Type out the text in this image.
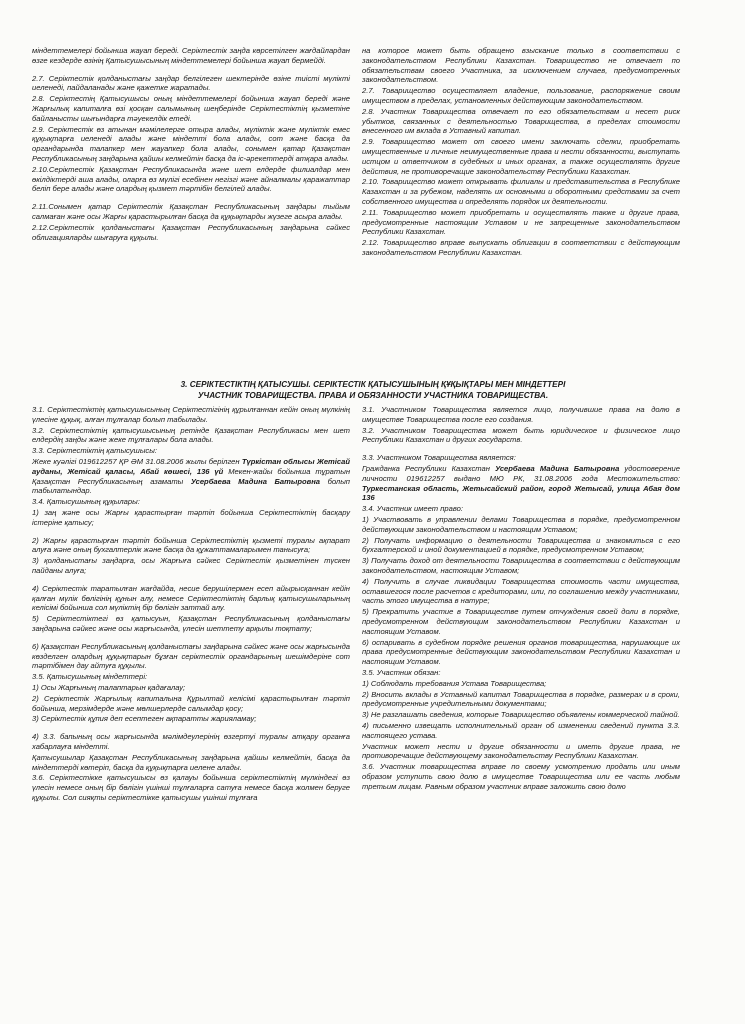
міндеттемелері бойынша жауап береді. Серіктестік заңда көрсетілген жағдайлардан өзге кездерде өзінің Қатысушысының міндеттемелері бойынша жауап бермейді.

2.7. Серіктестік қолданыстағы заңдар белгілеген шектерінде өзіне тиісті мүлікті иеленеді, пайдаланады және қажетке жаратады.

2.8. Серіктестің Қатысушысы оның міндеттемелері бойынша жауап береді және Жарғылық капиталға өзі қосқан салымының шеңберінде Серіктестіктің қызметіне байланысты шығындарға тәуекелдік етеді.

2.9. Серіктестік өз атынан мәмілелерге отыра алады, мүліктік және мүліктік емес құқықтарға иеленеді алады және міндетті бола алады, сот және басқа да органдарында талапкер мен жауапкер бола алады, сонымен қатар Қазақстан Республикасының заңдарына қайшы келмейтін басқа да іс-әрекеттерді атқара алады.

2.10.Серіктестік Қазақстан Республикасында және шет елдерде филиалдар мен өкілдіктерді аша алады, оларға өз мүлігі есебінен негізгі және айналмалы қаражаттар беліп бере алады және олардың қызмет тәртібін белгілей алады.

2.11.Сонымен қатар Серіктестік Қазақстан Республикасының заңдары тыйым салмаған және осы Жарғы қарастырылған басқа да құқықтарды жүзеге асыра алады.

2.12.Серіктестік қолданыстағы Қазақстан Республикасының заңдарына сәйкес облигацияларды шығаруға құқылы.

на которое может быть обращено взыскание только в соответствии с законодательством Республики Казахстан. Товарищество не отвечает по обязательствам своего Участника, за исключением случаев, предусмотренных законодательством.

2.7. Товарищество осуществляет владение, пользование, распоряжение своим имуществом в пределах, установленных действующим законодательством.

2.8. Участник Товарищества отвечает по его обязательствам и несет риск убытков, связанных с деятельностью Товарищества, в пределах стоимости внесенного им вклада в Уставный капитал.

2.9. Товарищество может от своего имени заключать сделки, приобретать имущественные и личные неимущественные права и нести обязанности, выступать истцом и ответчиком в судебных и иных органах, а также осуществлять другие действия, не противоречащие законодательству Республики Казахстан.

2.10. Товарищество может открывать филиалы и представительства в Республике Казахстан и за рубежом, наделять их основными и оборотными средствами за счет собственного имущества и определять порядок их деятельности.

2.11. Товарищество может приобретать и осуществлять также и другие права, предусмотренные настоящим Уставом и не запрещенные законодательством Республики Казахстан.

2.12. Товарищество вправе выпускать облигации в соответствии с действующим законодательством Республики Казахстан.

3. СЕРІКТЕСТІКТІҢ ҚАТЫСУШЫ. СЕРІКТЕСТІК ҚАТЫСУШЫНЫҢ ҚҰҚЫҚТАРЫ МЕН МІНДЕТТЕРІ

УЧАСТНИК ТОВАРИЩЕСТВА. ПРАВА И ОБЯЗАННОСТИ УЧАСТНИКА ТОВАРИЩЕСТВА.

3.1. Серіктестіктің қатысушысының Серіктестігінің құрылғаннан кейін оның мүлкінің үлесіне құқық, алған тұлғалар болып табылады.

3.2. Серіктестіктің қатысушысының ретінде Қазақстан Республикасы мен шет елдердің заңды және жеке тұлғалары бола алады.

3.3. Серіктестіктің қатысушысы:

Жеке куәлігі 019612257 ҚР ӘМ 31.08.2006 жылы берілген Түркістан облысы Жетісай ауданы, Жетісай қаласы, Абай көшесі, 136 үй Мекен-жайы бойынша тұратын Қазақстан Республикасының азаматы Усербаева Мадина Батыровна болып табылатындар.

3.4. Қатысушының құқылары:

1) заң және осы Жарғы қарастырған тәртіп бойынша Серіктестіктің басқару істеріне қатысу;

2) Жарғы қарастырған тәртіп бойынша Серіктестіктің қызметі туралы ақпарат алуға және оның бухгалтерлік және басқа да құжаттамаларымен танысуға;

3) қолданыстағы заңдарға, осы Жарғыға сәйкес Серіктестік қызметінен түскен пайданы алуға;

4) Серіктестік таратылған жағдайда, несие берушілермен есеп айырысқаннан кейін қалған мүлік бөлігінің құнын алу, немесе Серіктестіктің барлық қатысушыларының келісімі бойынша сол мүліктің бір бөлігін заттай алу.

5) Серіктестіктегі өз қатысуын, Қазақстан Республикасының қолданыстағы заңдарына сәйкес және осы жарғысында, үлесін шеттету арқылы тоқтату;

6) Қазақстан Республикасының қолданыстағы заңдарына сәйкес және осы жарғысында көзделген олардың құқықтарын бұзған серіктестік органдарының шешімдеріне сот тәртібімен дау айтуға құқылы.

3.5. Қатысушының міндеттері:

1) Осы Жарғының талаптарын қадағалау;

2) Серіктестік Жарғылық капиталына Құрылтай келісімі қарастырылған тәртіп бойынша, мерзімдерде және мөлшерлерде салымдар қосу;

3) Серіктестік құпия деп есептеген ақпаратты жарияламау;

4) 3.3. бапының осы жарғысында мәлімдеулерінің өзгертуі туралы атқару органға хабарлауға міндетті.

Қатысушылар Қазақстан Республикасының заңдарына қайшы келмейтін, басқа да міндеттерді көтеріп, басқа да құқықтарға иелене алады.

3.6. Серіктестікке қатысушысы өз қалауы бойынша серіктестіктің мүлкіндегі өз үлесін немесе оның бір бөлігін үшінші тұлғаларға сатуға немесе басқа жолмен беруге құқылы. Сол сияқты серіктестікке қатысушы үшінші тұлғаға

3.1. Участником Товарищества является лицо, получившие права на долю в имуществе Товарищества после его создания.

3.2. Участником Товарищества может быть юридическое и физическое лицо Республики Казахстан и других государств.

3.3. Участником Товарищества является:

Гражданка Республики Казахстан Усербаева Мадина Батыровна удостоверение личности 019612257 выдано МЮ РК, 31.08.2006 года Местожительство: Туркестанская область, Жетысайский район, город Жетысай, улица Абая дом 136

3.4. Участник имеет право:

1) Участвовать в управлении делами Товарищества в порядке, предусмотренном действующим законодательством и настоящим Уставом;

2) Получать информацию о деятельности Товарищества и знакомиться с его бухгалтерской и иной документацией в порядке, предусмотренном Уставом;

3) Получать доход от деятельности Товарищества в соответствии с действующим законодательством, настоящим Уставом;

4) Получить в случае ликвидации Товарищества стоимость части имущества, оставшегося после расчетов с кредиторами, или, по соглашению между участниками, часть этого имущества в натуре;

5) Прекратить участие в Товариществе путем отчуждения своей доли в порядке, предусмотренном действующим законодательством Республики Казахстан и настоящим Уставом.

6) оспаривать в судебном порядке решения органов товарищества, нарушающие их права предусмотренные действующим законодательством Республики Казахстан и настоящим Уставом.

3.5. Участник обязан:

1) Соблюдать требования Устава Товарищества;

2) Вносить вклады в Уставный капитал Товарищества в порядке, размерах и в сроки, предусмотренные учредительными документами;

3) Не разглашать сведения, которые Товарищество объявлены коммерческой тайной.

4) письменно извещать исполнительный орган об изменении сведений пункта 3.3. настоящего устава.

Участник может нести и другие обязанности и иметь другие права, не противоречащие действующему законодательству Республики Казахстан.

3.6. Участник товарищества вправе по своему усмотрению продать или иным образом уступить свою долю в имуществе Товарищества или ее часть любым третьим лицам. Равным образом участник вправе заложить свою долю
